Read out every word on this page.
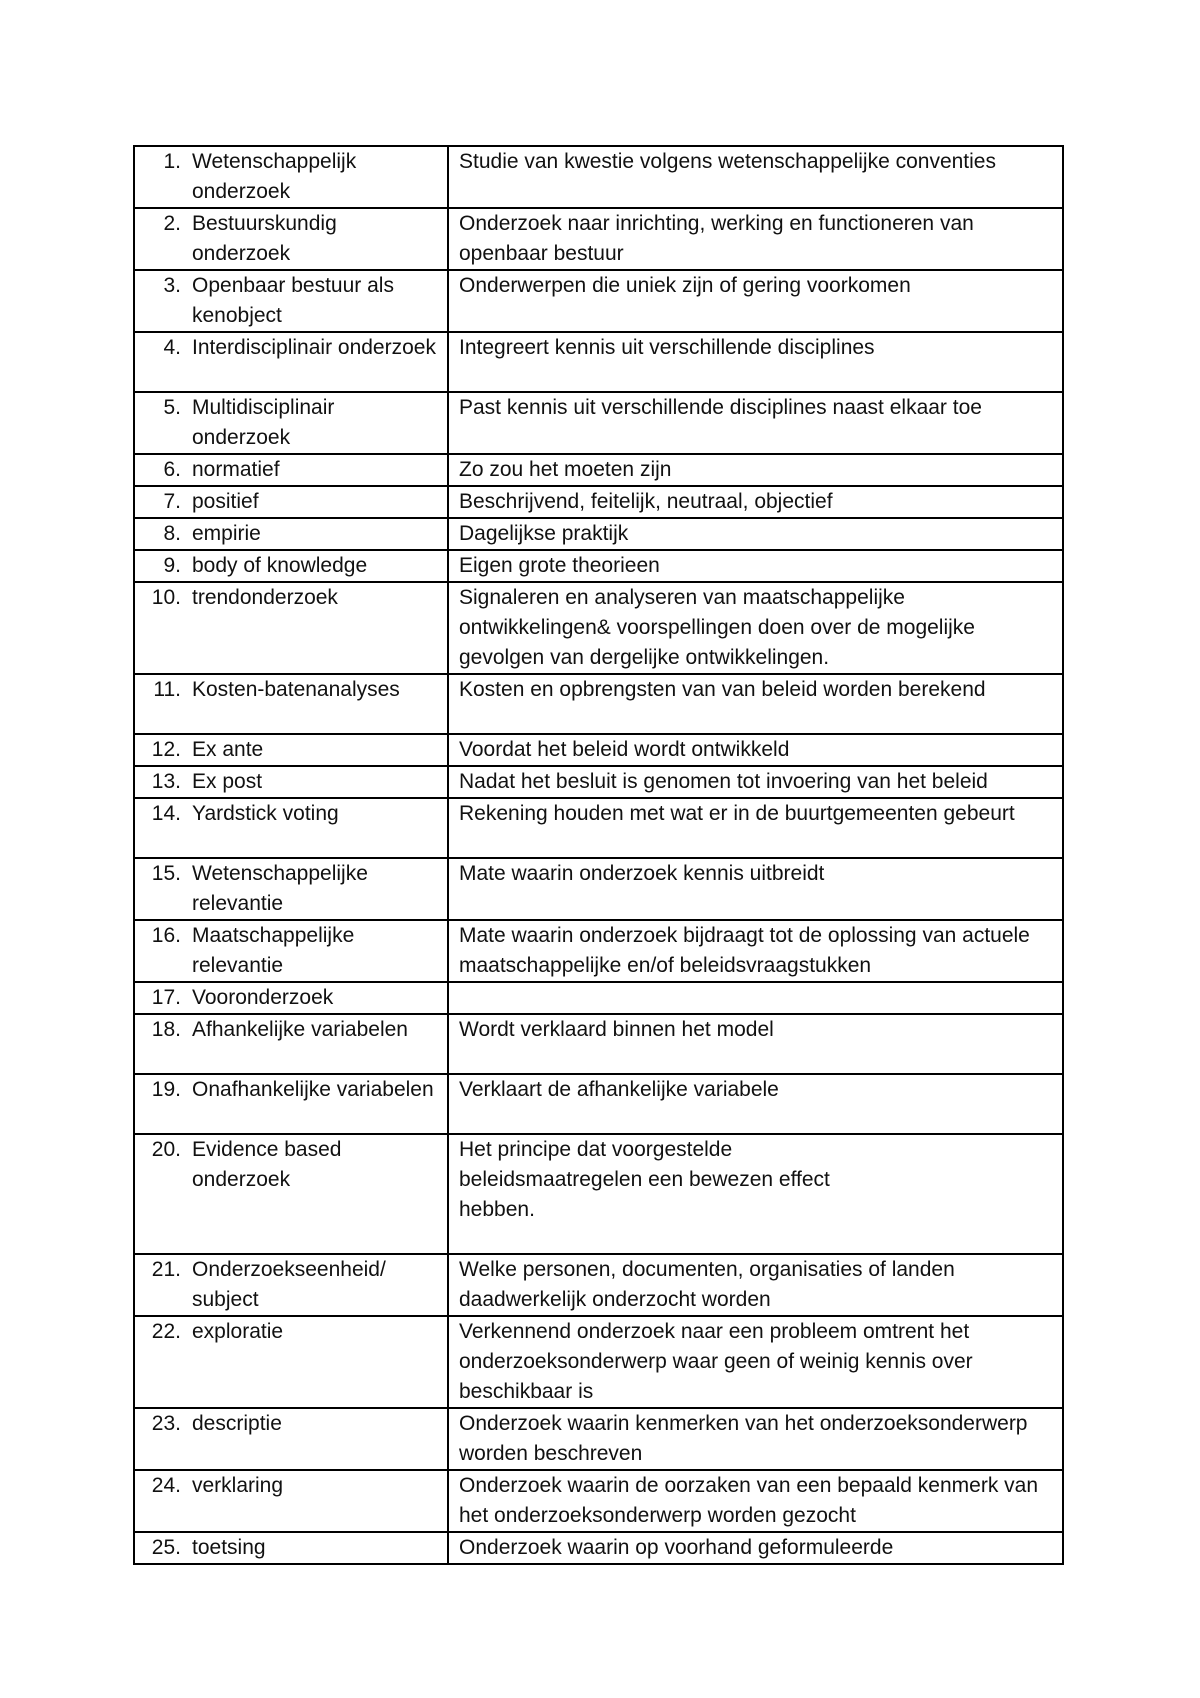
1. Wetenschappelijk onderzoek	Studie van kwestie volgens wetenschappelijke conventies

2. Bestuurskundig onderzoek	Onderzoek naar inrichting, werking en functioneren van openbaar bestuur

3. Openbaar bestuur als kenobject	Onderwerpen die uniek zijn of gering voorkomen

4. Interdisciplinair onderzoek	Integreert kennis uit verschillende disciplines

5. Multidisciplinair onderzoek	Past kennis uit verschillende disciplines naast elkaar toe

6. normatief	Zo zou het moeten zijn

7. positief	Beschrijvend, feitelijk, neutraal, objectief

8. empirie	Dagelijkse praktijk

9. body of knowledge	Eigen grote theorieen

10. trendonderzoek	Signaleren en analyseren van maatschappelijke ontwikkelingen& voorspellingen doen over de mogelijke gevolgen van dergelijke ontwikkelingen.

11. Kosten-batenanalyses	Kosten en opbrengsten van van beleid worden berekend

12. Ex ante	Voordat het beleid wordt ontwikkeld

13. Ex post	Nadat het besluit is genomen tot invoering van het beleid

14. Yardstick voting	Rekening houden met wat er in de buurtgemeenten gebeurt

15. Wetenschappelijke relevantie	Mate waarin onderzoek kennis uitbreidt

16. Maatschappelijke relevantie	Mate waarin onderzoek bijdraagt tot de oplossing van actuele maatschappelijke en/of beleidsvraagstukken

17. Vooronderzoek	

18. Afhankelijke variabelen	Wordt verklaard binnen het model

19. Onafhankelijke variabelen	Verklaart de afhankelijke variabele

20. Evidence based onderzoek	Het principe dat voorgestelde
beleidsmaatregelen een bewezen effect
hebben.

21. Onderzoekseenheid/ subject	Welke personen, documenten, organisaties of landen daadwerkelijk onderzocht worden

22. exploratie	Verkennend onderzoek naar een probleem omtrent het onderzoeksonderwerp waar geen of weinig kennis over beschikbaar is

23. descriptie	Onderzoek waarin kenmerken van het onderzoeksonderwerp worden beschreven

24. verklaring	Onderzoek waarin de oorzaken van een bepaald kenmerk van het onderzoeksonderwerp worden gezocht

25. toetsing	Onderzoek waarin op voorhand geformuleerde
